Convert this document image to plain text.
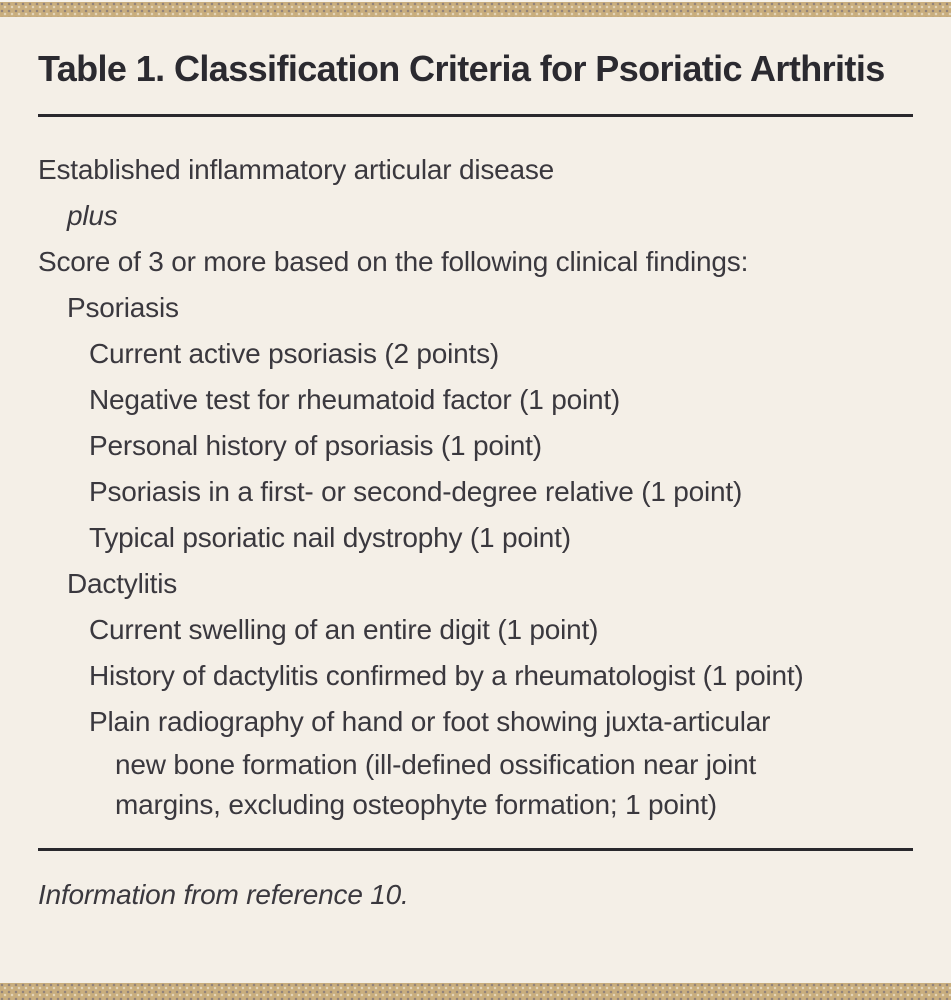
Table 1. Classification Criteria for Psoriatic Arthritis
Established inflammatory articular disease
plus
Score of 3 or more based on the following clinical findings:
Psoriasis
Current active psoriasis (2 points)
Negative test for rheumatoid factor (1 point)
Personal history of psoriasis (1 point)
Psoriasis in a first- or second-degree relative (1 point)
Typical psoriatic nail dystrophy (1 point)
Dactylitis
Current swelling of an entire digit (1 point)
History of dactylitis confirmed by a rheumatologist (1 point)
Plain radiography of hand or foot showing juxta-articular
new bone formation (ill-defined ossification near joint
margins, excluding osteophyte formation; 1 point)
Information from reference 10.
